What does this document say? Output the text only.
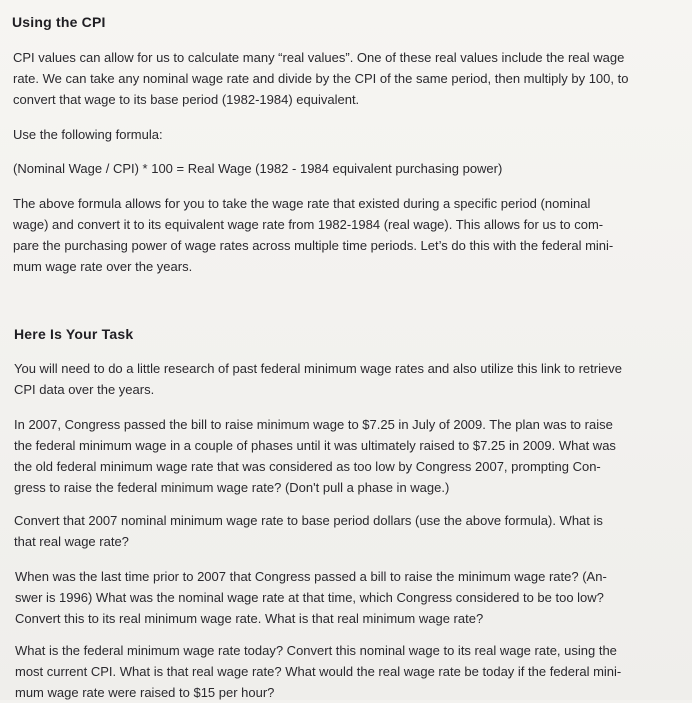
Using the CPI
CPI values can allow for us to calculate many “real values”. One of these real values include the real wage
rate. We can take any nominal wage rate and divide by the CPI of the same period, then multiply by 100, to
convert that wage to its base period (1982-1984) equivalent.
Use the following formula:
(Nominal Wage / CPI) * 100 = Real Wage (1982 - 1984 equivalent purchasing power)
The above formula allows for you to take the wage rate that existed during a specific period (nominal
wage) and convert it to its equivalent wage rate from 1982-1984 (real wage). This allows for us to com-
pare the purchasing power of wage rates across multiple time periods. Let’s do this with the federal mini-
mum wage rate over the years.
Here Is Your Task
You will need to do a little research of past federal minimum wage rates and also utilize this link to retrieve
CPI data over the years.
In 2007, Congress passed the bill to raise minimum wage to $7.25 in July of 2009. The plan was to raise
the federal minimum wage in a couple of phases until it was ultimately raised to $7.25 in 2009. What was
the old federal minimum wage rate that was considered as too low by Congress 2007, prompting Con-
gress to raise the federal minimum wage rate? (Don't pull a phase in wage.)
Convert that 2007 nominal minimum wage rate to base period dollars (use the above formula). What is
that real wage rate?
When was the last time prior to 2007 that Congress passed a bill to raise the minimum wage rate? (An-
swer is 1996) What was the nominal wage rate at that time, which Congress considered to be too low?
Convert this to its real minimum wage rate. What is that real minimum wage rate?
What is the federal minimum wage rate today? Convert this nominal wage to its real wage rate, using the
most current CPI. What is that real wage rate? What would the real wage rate be today if the federal mini-
mum wage rate were raised to $15 per hour?
